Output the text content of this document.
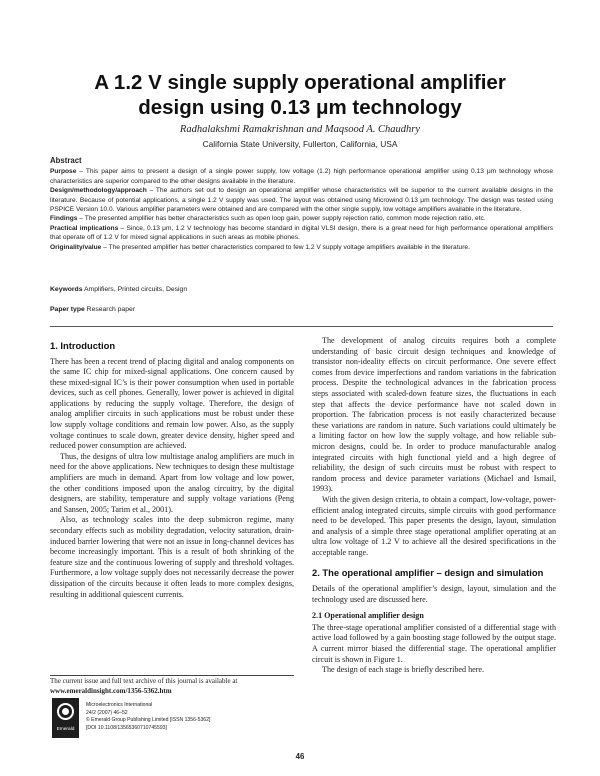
A 1.2 V single supply operational amplifier
design using 0.13 μm technology
Radhalakshmi Ramakrishnan and Maqsood A. Chaudhry
California State University, Fullerton, California, USA
Abstract

Purpose – This paper aims to present a design of a single power supply, low voltage (1.2) high performance operational amplifier using 0.13 μm technology whose characteristics are superior compared to the other designs available in the literature.

Design/methodology/approach – The authors set out to design an operational amplifier whose characteristics will be superior to the current available designs in the literature. Because of potential applications, a single 1.2 V supply was used. The layout was obtained using Microwind 0.13 μm technology. The design was tested using PSPICE Version 10.0. Various amplifier parameters were obtained and are compared with the other single supply, low voltage amplifiers available in the literature.

Findings – The presented amplifier has better characteristics such as open loop gain, power supply rejection ratio, common mode rejection ratio, etc.

Practical implications – Since, 0.13 μm, 1.2 V technology has become standard in digital VLSI design, there is a great need for high performance operational amplifiers that operate off of 1.2 V for mixed signal applications in such areas as mobile phones.

Originality/value – The presented amplifier has better characteristics compared to few 1.2 V supply voltage amplifiers available in the literature.

Keywords Amplifiers, Printed circuits, Design
Paper type Research paper
1. Introduction

There has been a recent trend of placing digital and analog components on the same IC chip for mixed-signal applications. One concern caused by these mixed-signal IC’s is their power consumption when used in portable devices, such as cell phones. Generally, lower power is achieved in digital applications by reducing the supply voltage. Therefore, the design of analog amplifier circuits in such applications must be robust under these low supply voltage conditions and remain low power. Also, as the supply voltage continues to scale down, greater device density, higher speed and reduced power consumption are achieved.

Thus, the designs of ultra low multistage analog amplifiers are much in need for the above applications. New techniques to design these multistage amplifiers are much in demand. Apart from low voltage and low power, the other conditions imposed upon the analog circuitry, by the digital designers, are stability, temperature and supply voltage variations (Peng and Sansen, 2005; Tarim et al., 2001).

Also, as technology scales into the deep submicron regime, many secondary effects such as mobility degradation, velocity saturation, drain-induced barrier lowering that were not an issue in long-channel devices has become increasingly important. This is a result of both shrinking of the feature size and the continuous lowering of supply and threshold voltages. Furthermore, a low voltage supply does not necessarily decrease the power dissipation of the circuits because it often leads to more complex designs, resulting in additional quiescent currents.

The development of analog circuits requires both a complete understanding of basic circuit design techniques and knowledge of transistor non-ideality effects on circuit performance. One severe effect comes from device imperfections and random variations in the fabrication process. Despite the technological advances in the fabrication process steps associated with scaled-down feature sizes, the fluctuations in each step that affects the device performance have not scaled down in proportion. The fabrication process is not easily characterized because these variations are random in nature. Such variations could ultimately be a limiting factor on how low the supply voltage, and how reliable sub-micron designs, could be. In order to produce manufacturable analog integrated circuits with high functional yield and a high degree of reliability, the design of such circuits must be robust with respect to random process and device parameter variations (Michael and Ismail, 1993).

With the given design criteria, to obtain a compact, low-voltage, power-efficient analog integrated circuits, simple circuits with good performance need to be developed. This paper presents the design, layout, simulation and analysis of a simple three stage operational amplifier operating at an ultra low voltage of 1.2 V to achieve all the desired specifications in the acceptable range.

2. The operational amplifier – design and simulation

Details of the operational amplifier’s design, layout, simulation and the technology used are discussed here.

2.1 Operational amplifier design

The three-stage operational amplifier consisted of a differential stage with active load followed by a gain boosting stage followed by the output stage. A current mirror biased the differential stage. The operational amplifier circuit is shown in Figure 1.

The design of each stage is briefly described here.

The current issue and full text archive of this journal is available at
www.emeraldinsight.com/1356-5362.htm
Emerald
Microelectronics International
24/2 (2007) 46–52
© Emerald Group Publishing Limited [ISSN 1356-5362]
[DOI 10.1108/13565360710745593]
46
